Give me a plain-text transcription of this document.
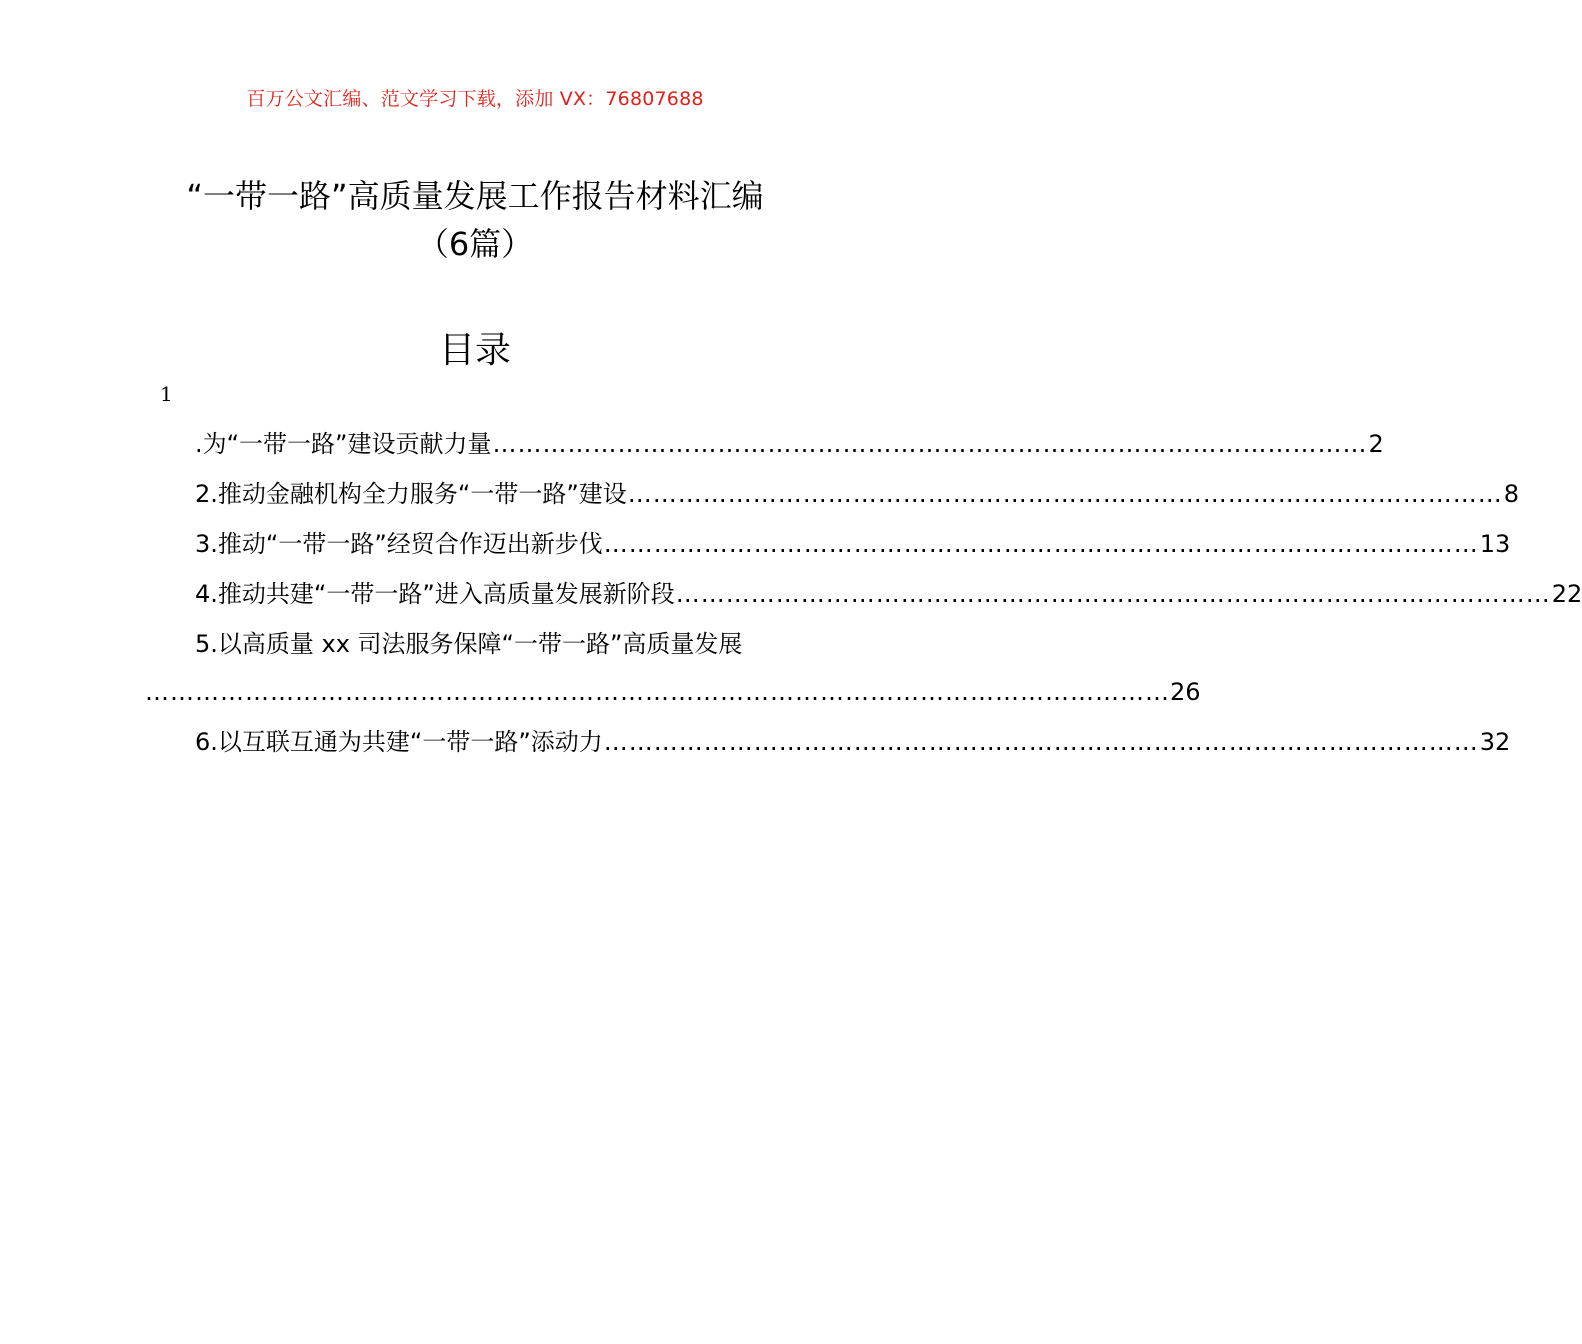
百万公文汇编、范文学习下载，添加 VX：76807688
“一带一路”高质量发展工作报告材料汇编
（6篇）
目录
1
.为“一带一路”建设贡献力量 …………………………………………………………………………………………… 2
2.推动金融机构全力服务“一带一路”建设 …………………………………………………………………………………………… 8
3.推动“一带一路”经贸合作迈出新步伐 …………………………………………………………………………………………… 13
4.推动共建“一带一路”进入高质量发展新阶段 …………………………………………………………………………………………… 22
5.以高质量 xx 司法服务保障“一带一路”高质量发展
…………………………………………………………………………………………………………… 26
6.以互联互通为共建“一带一路”添动力 …………………………………………………………………………………………… 32
